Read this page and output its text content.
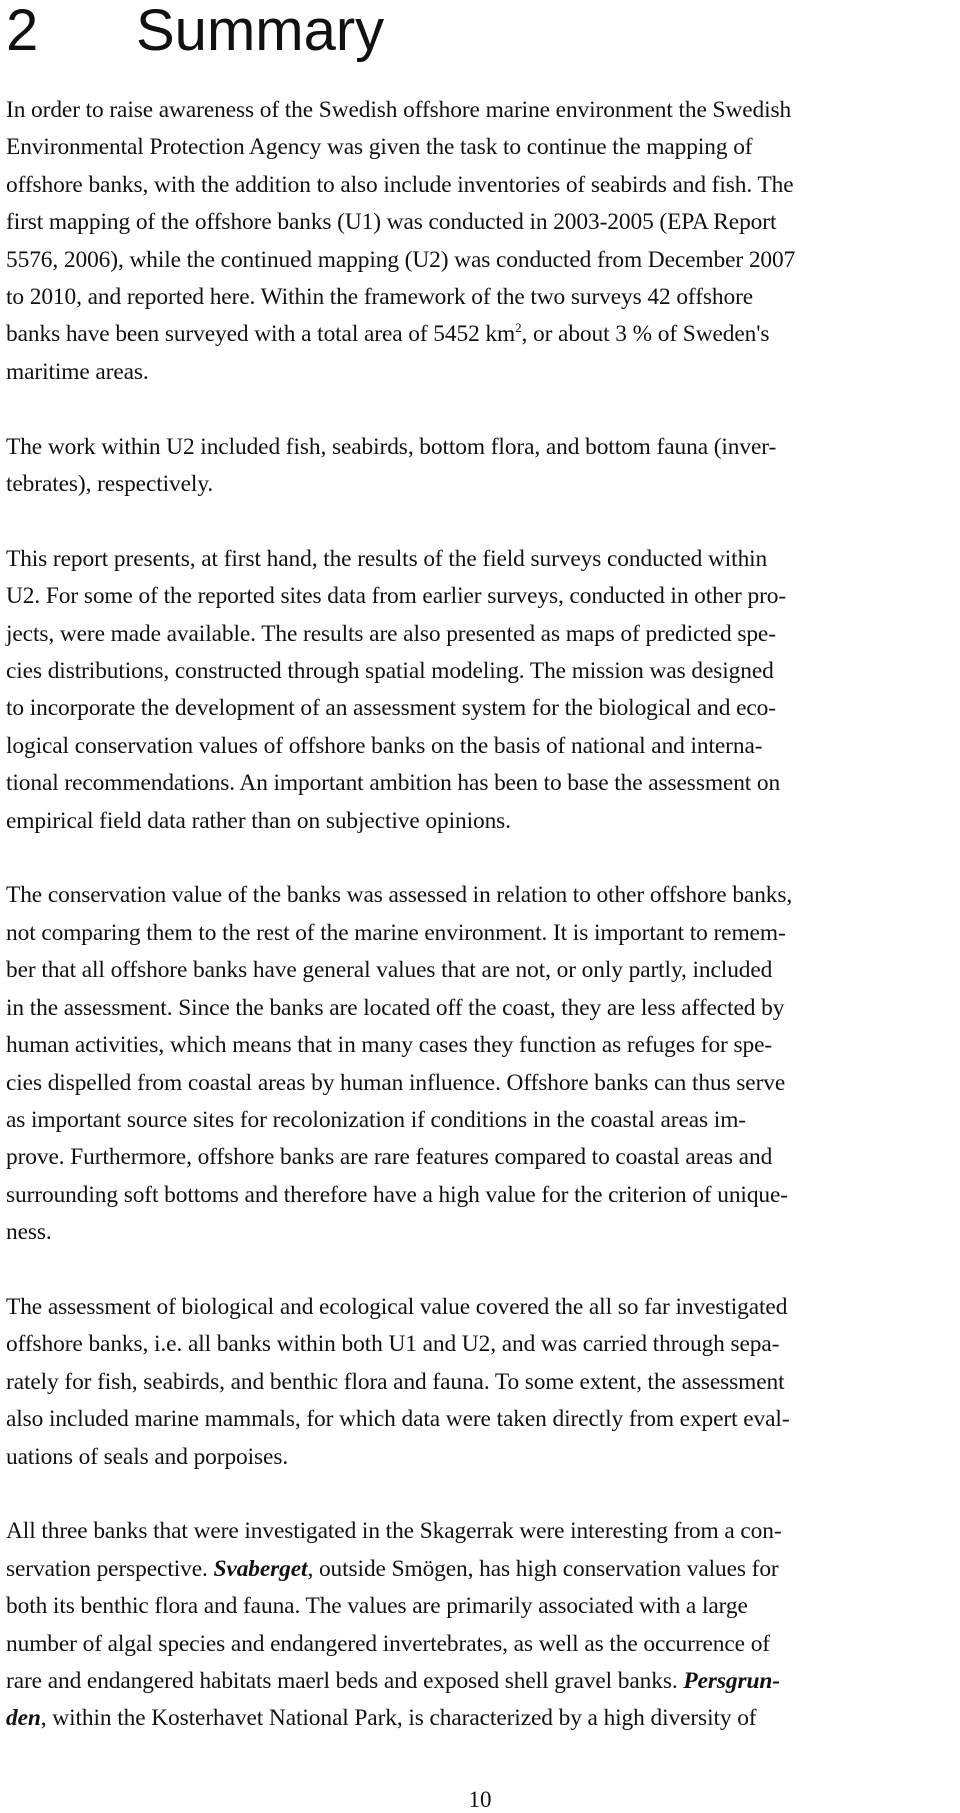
2 Summary

In order to raise awareness of the Swedish offshore marine environment the Swedish
Environmental Protection Agency was given the task to continue the mapping of
offshore banks, with the addition to also include inventories of seabirds and fish. The
first mapping of the offshore banks (U1) was conducted in 2003-2005 (EPA Report
5576, 2006), while the continued mapping (U2) was conducted from December 2007
to 2010, and reported here. Within the framework of the two surveys 42 offshore
banks have been surveyed with a total area of 5452 $km^2$, or about 3 % of Sweden's
maritime areas.

The work within U2 included fish, seabirds, bottom flora, and bottom fauna (inver-
tebrates), respectively.

This report presents, at first hand, the results of the field surveys conducted within
U2. For some of the reported sites data from earlier surveys, conducted in other pro-
jects, were made available. The results are also presented as maps of predicted spe-
cies distributions, constructed through spatial modeling. The mission was designed
to incorporate the development of an assessment system for the biological and eco-
logical conservation values of offshore banks on the basis of national and interna-
tional recommendations. An important ambition has been to base the assessment on
empirical field data rather than on subjective opinions.

The conservation value of the banks was assessed in relation to other offshore banks,
not comparing them to the rest of the marine environment. It is important to remem-
ber that all offshore banks have general values that are not, or only partly, included
in the assessment. Since the banks are located off the coast, they are less affected by
human activities, which means that in many cases they function as refuges for spe-
cies dispelled from coastal areas by human influence. Offshore banks can thus serve
as important source sites for recolonization if conditions in the coastal areas im-
prove. Furthermore, offshore banks are rare features compared to coastal areas and
surrounding soft bottoms and therefore have a high value for the criterion of unique-
ness.

The assessment of biological and ecological value covered the all so far investigated
offshore banks, i.e. all banks within both U1 and U2, and was carried through sepa-
rately for fish, seabirds, and benthic flora and fauna. To some extent, the assessment
also included marine mammals, for which data were taken directly from expert eval-
uations of seals and porpoises.

All three banks that were investigated in the Skagerrak were interesting from a con-
servation perspective. Svaberget, outside Smögen, has high conservation values for
both its benthic flora and fauna. The values are primarily associated with a large
number of algal species and endangered invertebrates, as well as the occurrence of
rare and endangered habitats maerl beds and exposed shell gravel banks. Persgrun-
den, within the Kosterhavet National Park, is characterized by a high diversity of

10
